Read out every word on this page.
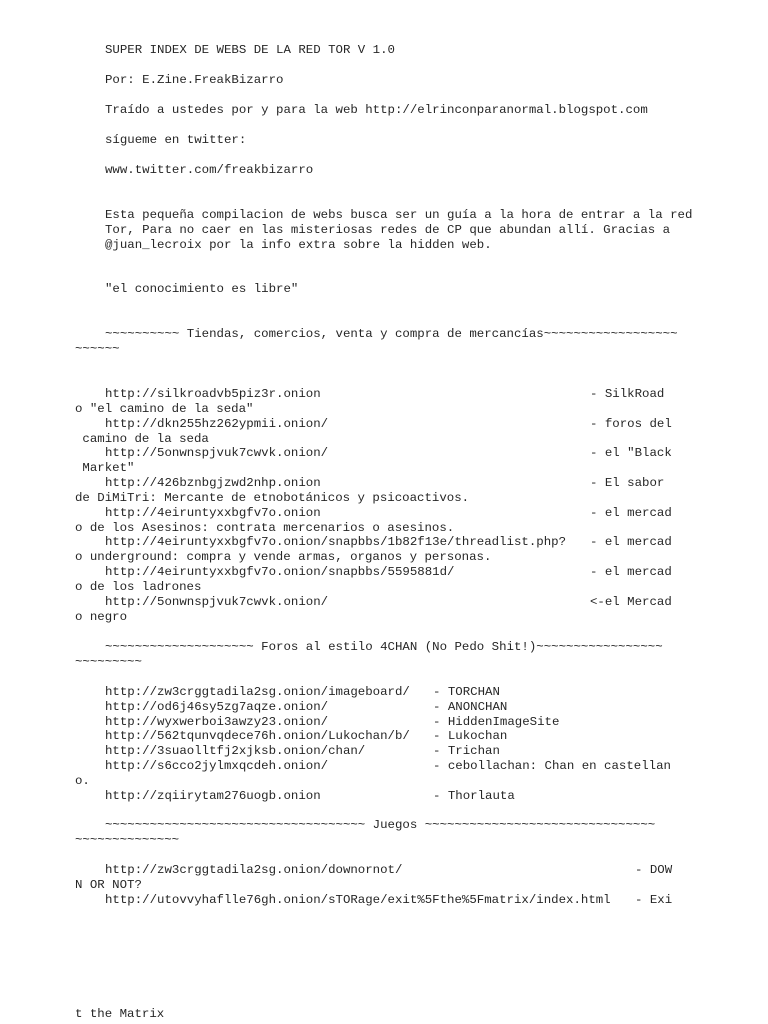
SUPER INDEX DE WEBS DE LA RED TOR V 1.0
Por: E.Zine.FreakBizarro
Traído a ustedes por y para la web http://elrinconparanormal.blogspot.com
sígueme en twitter:
www.twitter.com/freakbizarro
Esta pequeña compilacion de webs busca ser un guía a la hora de entrar a la red
Tor, Para no caer en las misteriosas redes de CP que abundan allí. Gracias a
@juan_lecroix por la info extra sobre la hidden web.
"el conocimiento es libre"
~~~~~~~~~~ Tiendas, comercios, venta y compra de mercancías~~~~~~~~~~~~~~~~~~
~~~~~~
http://silkroadvb5piz3r.onion	- SilkRoad
o "el camino de la seda"
http://dkn255hz262ypmii.onion/	- foros del
camino de la seda
http://5onwnspjvuk7cwvk.onion/	- el "Black
Market"
http://426bznbgjzwd2nhp.onion	- El sabor
de DiMiTri: Mercante de etnobotánicos y psicoactivos.
http://4eiruntyxxbgfv7o.onion	- el mercad
o de los Asesinos: contrata mercenarios o asesinos.
http://4eiruntyxxbgfv7o.onion/snapbbs/1b82f13e/threadlist.php? - el mercad
o underground: compra y vende armas, organos y personas.
http://4eiruntyxxbgfv7o.onion/snapbbs/5595881d/	- el mercad
o de los ladrones
http://5onwnspjvuk7cwvk.onion/	<-el Mercad
o negro
~~~~~~~~~~~~~~~~~~~~ Foros al estilo 4CHAN (No Pedo Shit!)~~~~~~~~~~~~~~~~~
~~~~~~~~~
http://zw3crggtadila2sg.onion/imageboard/ - TORCHAN
http://od6j46sy5zg7aqze.onion/	- ANONCHAN
http://wyxwerboi3awzy23.onion/	- HiddenImageSite
http://562tqunvqdece76h.onion/Lukochan/b/ - Lukochan
http://3suaolltfj2xjksb.onion/chan/	- Trichan
http://s6cco2jylmxqcdeh.onion/	- cebollachan: Chan en castellan
o.
http://zqiirytam276uogb.onion	- Thorlauta
~~~~~~~~~~~~~~~~~~~~~~~~~~~~~~~~~~~ Juegos ~~~~~~~~~~~~~~~~~~~~~~~~~~~~~~~
~~~~~~~~~~~~~~
http://zw3crggtadila2sg.onion/downornot/	- DOW
N OR NOT?
http://utovvyhaflle76gh.onion/sTORage/exit%5Fthe%5Fmatrix/index.html - Exi
t the Matrix
